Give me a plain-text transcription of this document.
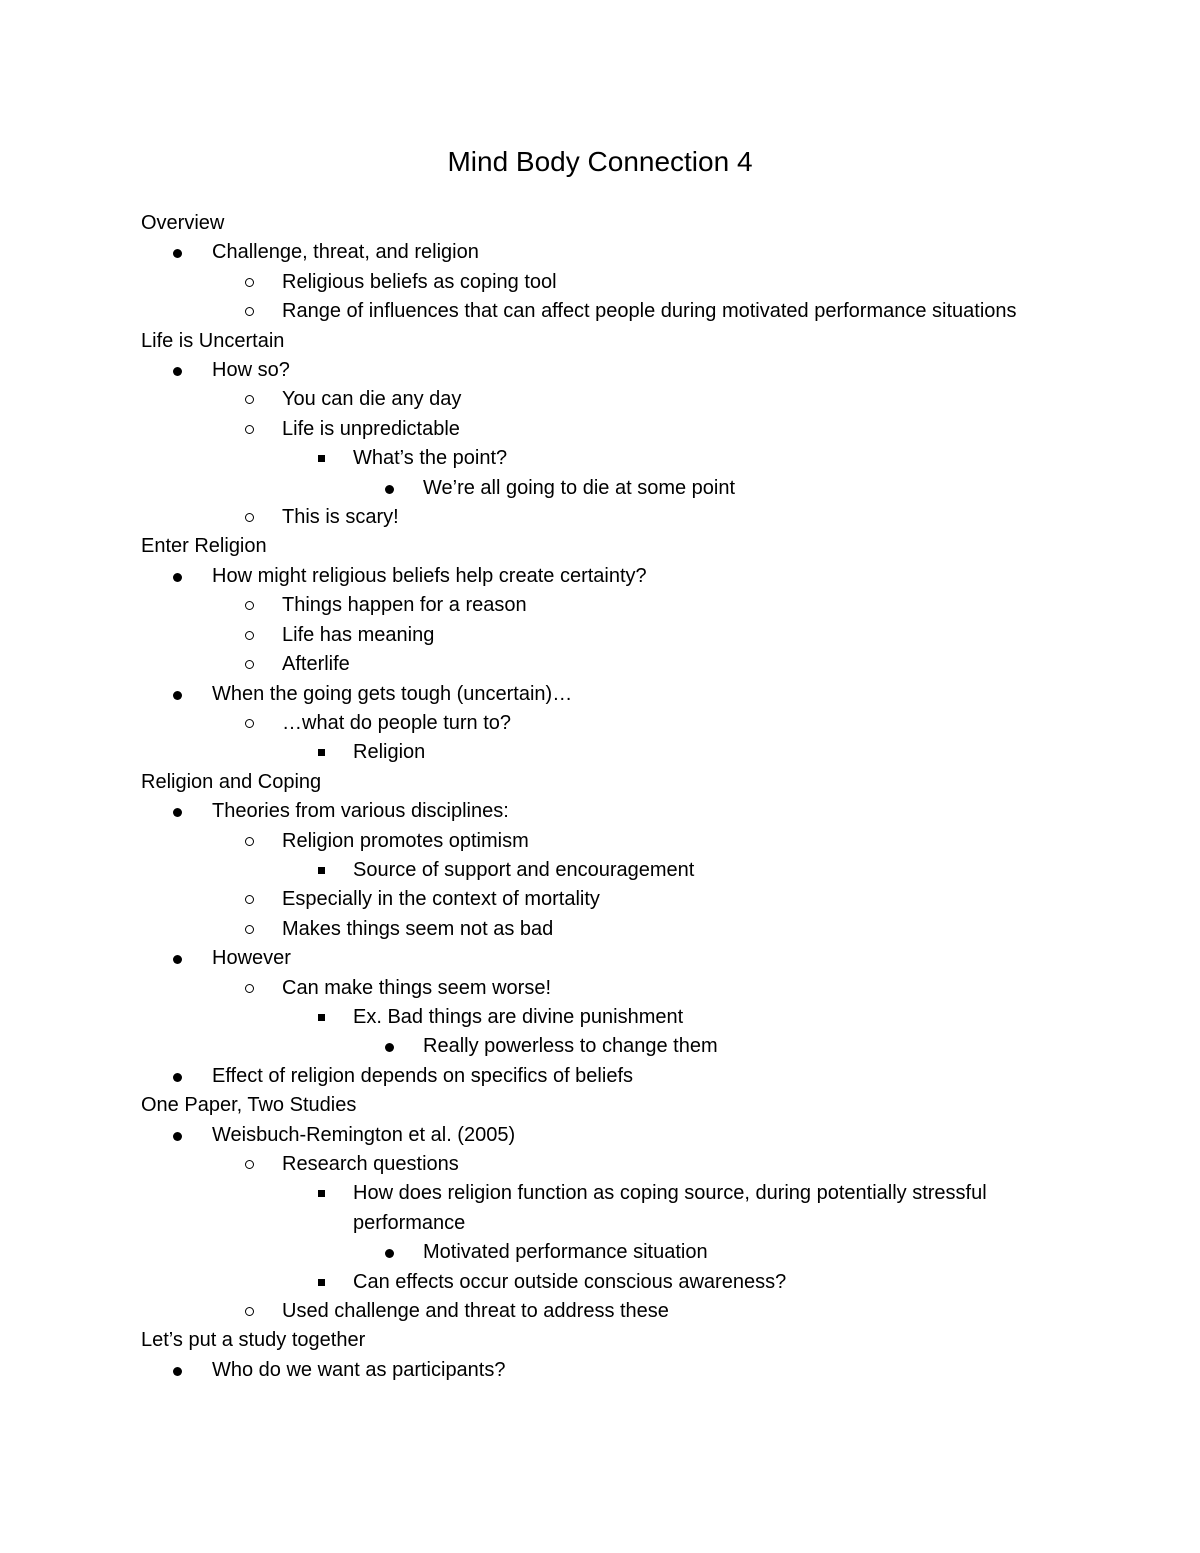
Mind Body Connection 4
Overview
Challenge, threat, and religion
Religious beliefs as coping tool
Range of influences that can affect people during motivated performance situations
Life is Uncertain
How so?
You can die any day
Life is unpredictable
What’s the point?
We’re all going to die at some point
This is scary!
Enter Religion
How might religious beliefs help create certainty?
Things happen for a reason
Life has meaning
Afterlife
When the going gets tough (uncertain)…
…what do people turn to?
Religion
Religion and Coping
Theories from various disciplines:
Religion promotes optimism
Source of support and encouragement
Especially in the context of mortality
Makes things seem not as bad
However
Can make things seem worse!
Ex. Bad things are divine punishment
Really powerless to change them
Effect of religion depends on specifics of beliefs
One Paper, Two Studies
Weisbuch-Remington et al. (2005)
Research questions
How does religion function as coping source, during potentially stressful performance
Motivated performance situation
Can effects occur outside conscious awareness?
Used challenge and threat to address these
Let’s put a study together
Who do we want as participants?
